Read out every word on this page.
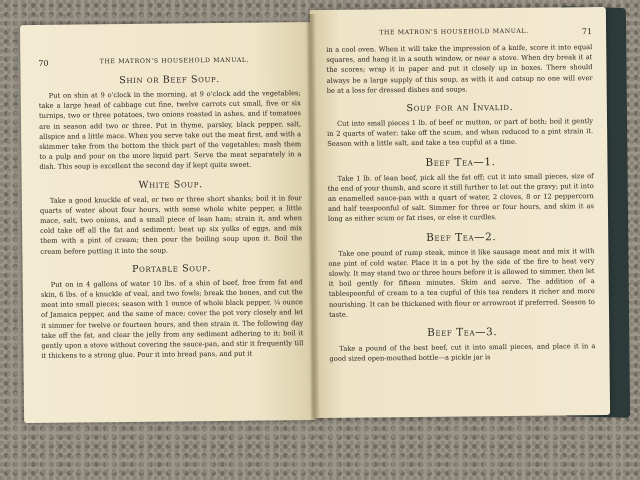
70	THE MATRON'S HOUSEHOLD MANUAL.
Shin or Beef Soup.

Put on shin at 9 o'clock in the morning, at 9 o'clock add the vegetables; take a large head of cabbage cut fine, twelve carrots cut small, five or six turnips, two or three potatoes, two onions roasted in ashes, and if tomatoes are in season add two or three. Put in thyme, parsley, black pepper, salt, allspice and a little mace. When you serve take out the meat first, and with a skimmer take from the bottom the thick part of the vegetables; mash them to a pulp and pour on the more liquid part. Serve the meat separately in a dish. This soup is excellent the second day if kept quite sweet.

White Soup.

Take a good knuckle of veal, or two or three short shanks; boil it in four quarts of water about four hours, with some whole white pepper, a little mace, salt, two onions, and a small piece of lean ham; strain it, and when cold take off all the fat and sediment; beat up six yolks of eggs, and mix them with a pint of cream; then pour the boiling soup upon it. Boil the cream before putting it into the soup.

Portable Soup.

Put on in 4 gallons of water 10 lbs. of a shin of beef, free from fat and skin, 6 lbs. of a knuckle of veal, and two fowls; break the bones, and cut the meat into small pieces; season with 1 ounce of whole black pepper, ¼ ounce of Jamaica pepper, and the same of mace; cover the pot very closely and let it simmer for twelve or fourteen hours, and then strain it. The following day take off the fat, and clear the jelly from any sediment adhering to it; boil it gently upon a stove without covering the sauce-pan, and stir it frequently till it thickens to a strong glue. Pour it into bread pans, and put it

THE MATRON'S HOUSEHOLD MANUAL.	71

in a cool oven. When it will take the impression of a knife, score it into equal squares, and hang it in a south window, or near a stove. When dry break it at the scores; wrap it in paper and put it closely up in boxes. There should always be a large supply of this soup, as with it and catsup no one will ever be at a loss for dressed dishes and soups.

Soup for an Invalid.

Cut into small pieces 1 lb. of beef or mutton, or part of both; boil it gently in 2 quarts of water; take off the scum, and when reduced to a pint strain it. Season with a little salt, and take a tea cupful at a time.

Beef Tea—1.

Take 1 lb. of lean beef, pick all the fat off; cut it into small pieces, size of the end of your thumb, and score it still further to let out the gravy; put it into an enamelled sauce-pan with a quart of water, 2 cloves, 8 or 12 peppercorn and half teaspoonful of salt. Simmer for three or four hours, and skim it as long as either scum or fat rises, or else it curdles.

Beef Tea—2.

Take one pound of rump steak, mince it like sausage meat and mix it with one pint of cold water. Place it in a pot by the side of the fire to heat very slowly. It may stand two or three hours before it is allowed to simmer, then let it boil gently for fifteen minutes. Skim and serve. The addition of a tablespoonful of cream to a tea cupful of this tea renders it richer and more nourishing. It can be thickened with flour or arrowroot if preferred. Season to taste.

Beef Tea—3.

Take a pound of the best beef, cut it into small pieces, and place it in a good sized open-mouthed bottle—a pickle jar is
